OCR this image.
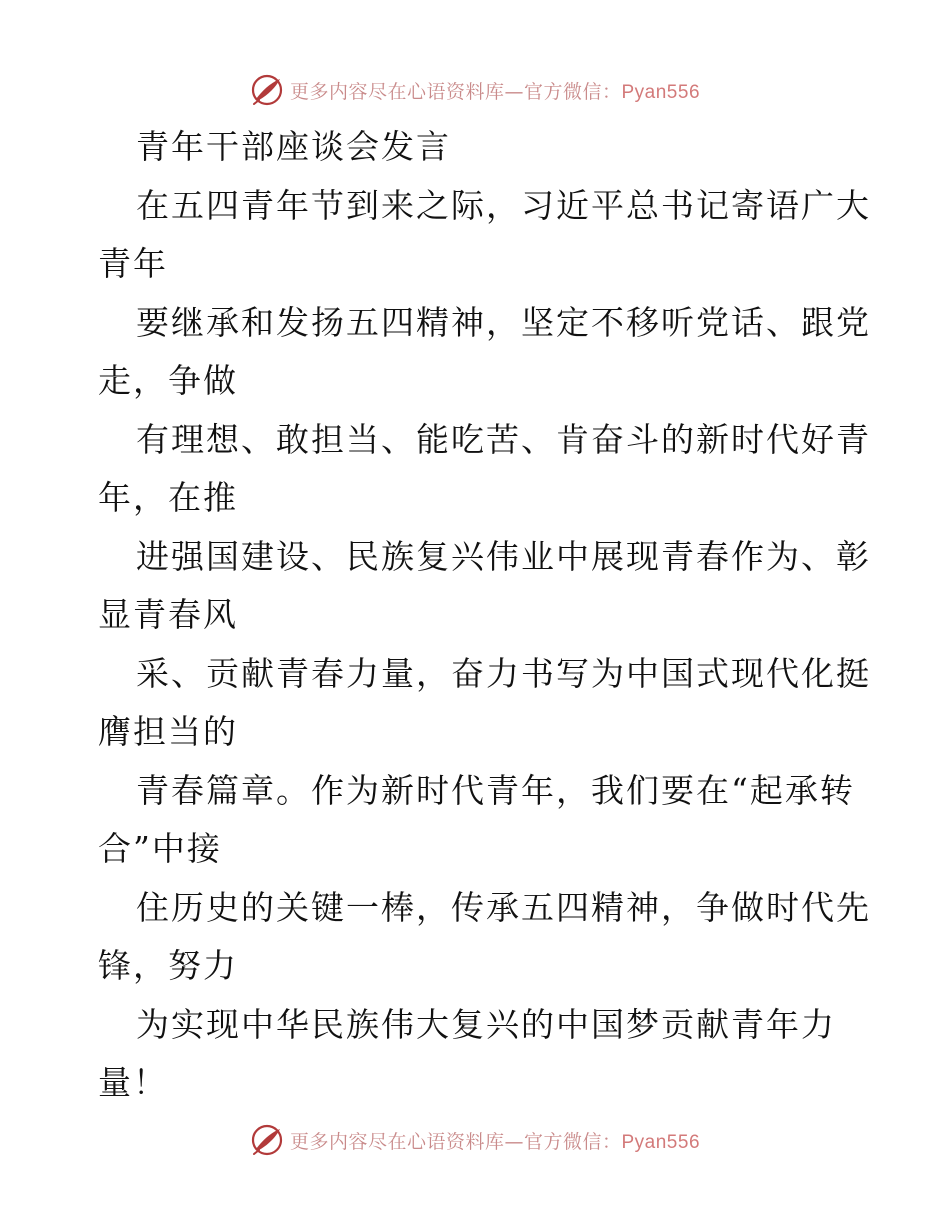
更多内容尽在心语资料库—官方微信：Pyan556
青年干部座谈会发言
在五四青年节到来之际，习近平总书记寄语广大
青年
要继承和发扬五四精神，坚定不移听党话、跟党
走，争做
有理想、敢担当、能吃苦、肯奋斗的新时代好青
年，在推
进强国建设、民族复兴伟业中展现青春作为、彰
显青春风
采、贡献青春力量，奋力书写为中国式现代化挺
膺担当的
青春篇章。作为新时代青年，我们要在“起承转
合”中接
住历史的关键一棒，传承五四精神，争做时代先
锋，努力
为实现中华民族伟大复兴的中国梦贡献青年力
量！
更多内容尽在心语资料库—官方微信：Pyan556
